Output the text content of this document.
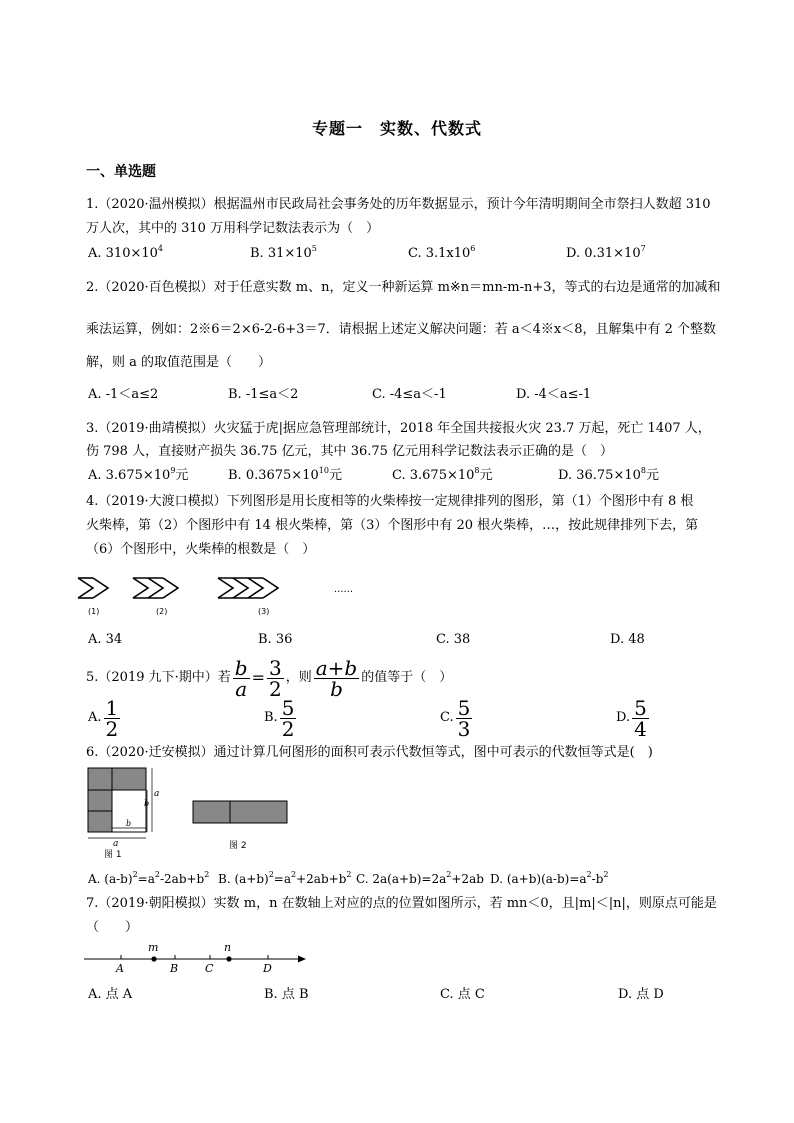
专题一　实数、代数式
一、单选题
1.（2020·温州模拟）根据温州市民政局社会事务处的历年数据显示，预计今年清明期间全市祭扫人数超 310
万人次，其中的 310 万用科学记数法表示为（　）
A. $310\times 10^4$	B. $31\times 10^5$	C. $3.1x10^6$	D. $0.31\times 10^7$
2.（2020·百色模拟）对于任意实数 m、n，定义一种新运算 m※n＝mn-m-n+3，等式的右边是通常的加减和
乘法运算，例如：2※6＝2×6-2-6+3＝7．请根据上述定义解决问题：若 a＜4※x＜8，且解集中有 2 个整数
解，则 a 的取值范围是（　　）
A. -1＜a≤2	B. -1≤a＜2	C. -4≤a＜-1	D. -4＜a≤-1
3.（2019·曲靖模拟）火灾猛于虎|据应急管理部统计，2018 年全国共接报火灾 23.7 万起，死亡 1407 人，
伤 798 人，直接财产损失 36.75 亿元，其中 36.75 亿元用科学记数法表示正确的是（　）
A. $3.675\times 10^9$元	B. $0.3675\times 10^{10}$元	C. $3.675\times 10^8$元	D. $36.75\times 10^8$元
4.（2019·大渡口模拟）下列图形是用长度相等的火柴棒按一定规律排列的图形，第（1）个图形中有 8 根
火柴棒，第（2）个图形中有 14 根火柴棒，第（3）个图形中有 20 根火柴棒，…，按此规律排列下去，第
（6）个图形中，火柴棒的根数是（　）
(1)	(2)	(3)
......
A. 34	B. 36	C. 38	D. 48
5.（2019 九下·期中）若 $\frac{b}{a} = \frac{3}{2}$ ，则 $\frac{a+b}{b}$ 的值等于（　）
A. $\frac{1}{2}$	B. $\frac{5}{2}$	C. $\frac{5}{3}$	D. $\frac{5}{4}$
6.（2020·迁安模拟）通过计算几何图形的面积可表示代数恒等式，图中可表示的代数恒等式是(　)
a
b
a
b
图 1
图 2
A. $(a-b)^2=a^2-2ab+b^2$ B. $(a+b)^2=a^2+2ab+b^2$ C. $2a(a+b)=2a^2+2ab$ D. $(a+b)(a-b)=a^2-b^2$
7.（2019·朝阳模拟）实数 m，n 在数轴上对应的点的位置如图所示，若 mn＜0，且|m|＜|n|，则原点可能是
（　　）
m	n
A	B C	D
A. 点 A	B. 点 B	C. 点 C	D. 点 D
